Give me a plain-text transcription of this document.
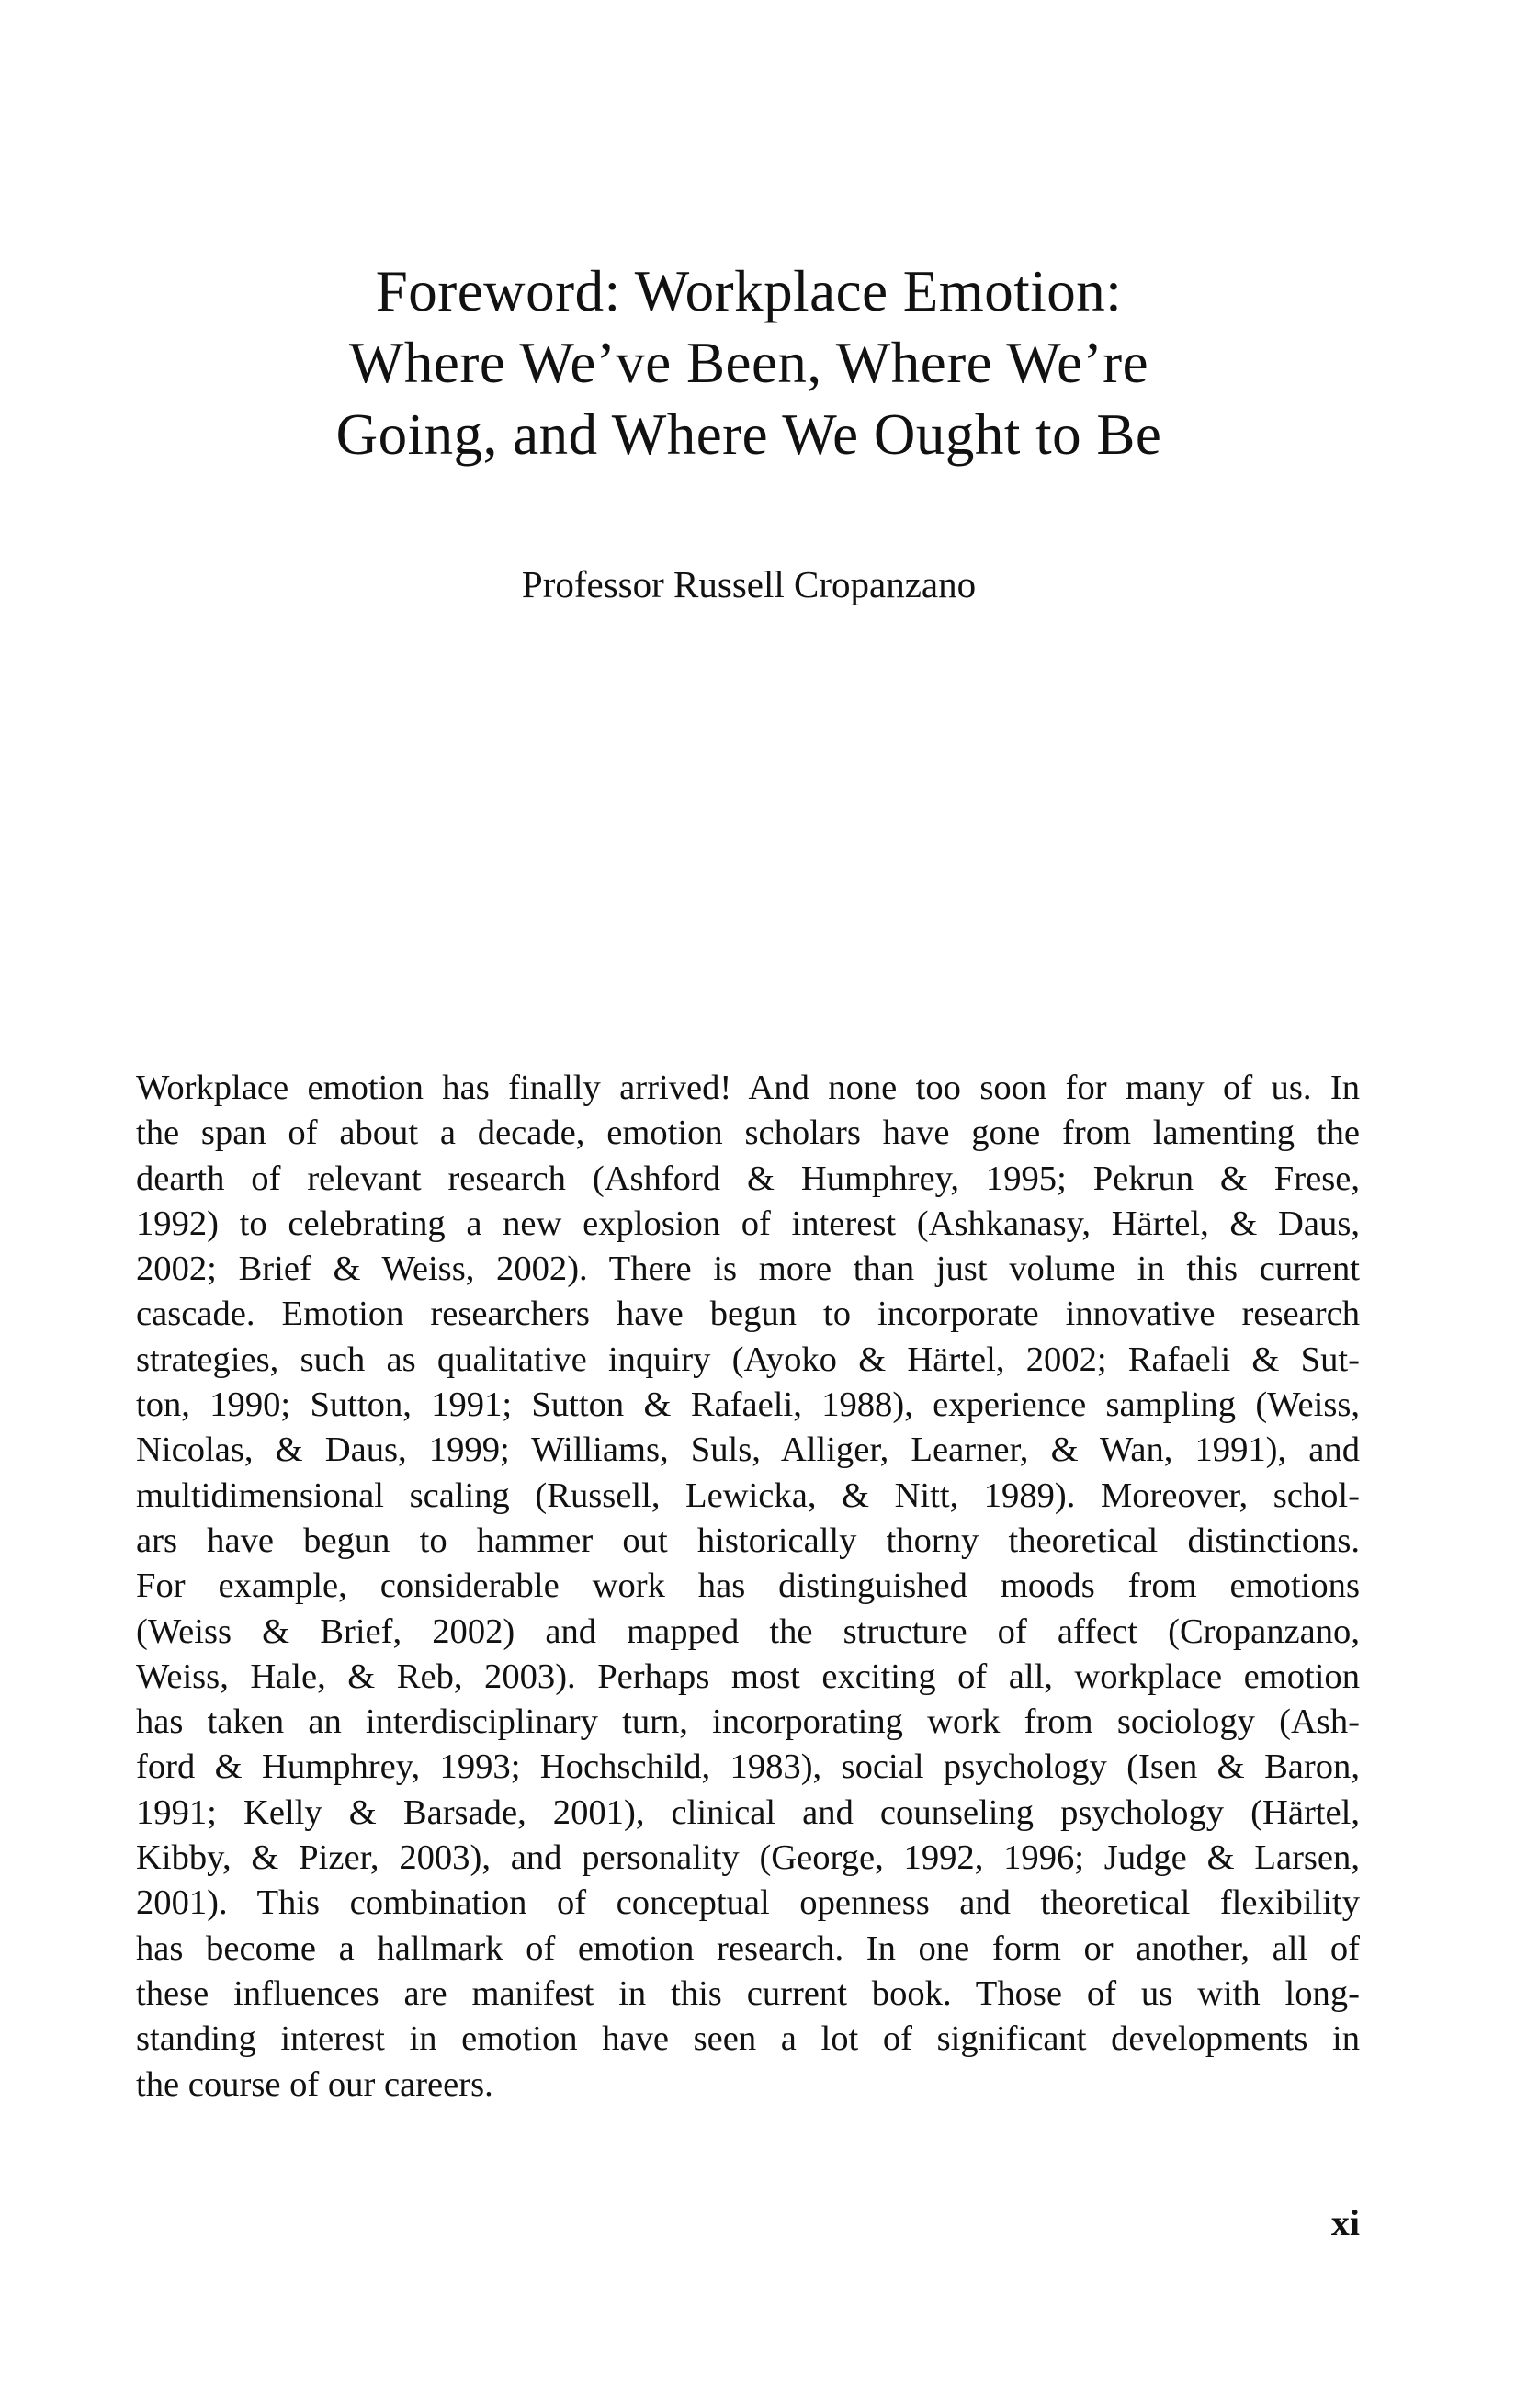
Foreword: Workplace Emotion:
Where We’ve Been, Where We’re
Going, and Where We Ought to Be

Professor Russell Cropanzano

Workplace emotion has finally arrived! And none too soon for many of us. In
the span of about a decade, emotion scholars have gone from lamenting the
dearth of relevant research (Ashford & Humphrey, 1995; Pekrun & Frese,
1992) to celebrating a new explosion of interest (Ashkanasy, Härtel, & Daus,
2002; Brief & Weiss, 2002). There is more than just volume in this current
cascade. Emotion researchers have begun to incorporate innovative research
strategies, such as qualitative inquiry (Ayoko & Härtel, 2002; Rafaeli & Sut-
ton, 1990; Sutton, 1991; Sutton & Rafaeli, 1988), experience sampling (Weiss,
Nicolas, & Daus, 1999; Williams, Suls, Alliger, Learner, & Wan, 1991), and
multidimensional scaling (Russell, Lewicka, & Nitt, 1989). Moreover, schol-
ars have begun to hammer out historically thorny theoretical distinctions.
For example, considerable work has distinguished moods from emotions
(Weiss & Brief, 2002) and mapped the structure of affect (Cropanzano,
Weiss, Hale, & Reb, 2003). Perhaps most exciting of all, workplace emotion
has taken an interdisciplinary turn, incorporating work from sociology (Ash-
ford & Humphrey, 1993; Hochschild, 1983), social psychology (Isen & Baron,
1991; Kelly & Barsade, 2001), clinical and counseling psychology (Härtel,
Kibby, & Pizer, 2003), and personality (George, 1992, 1996; Judge & Larsen,
2001). This combination of conceptual openness and theoretical flexibility
has become a hallmark of emotion research. In one form or another, all of
these influences are manifest in this current book. Those of us with long-
standing interest in emotion have seen a lot of significant developments in
the course of our careers.

xi
